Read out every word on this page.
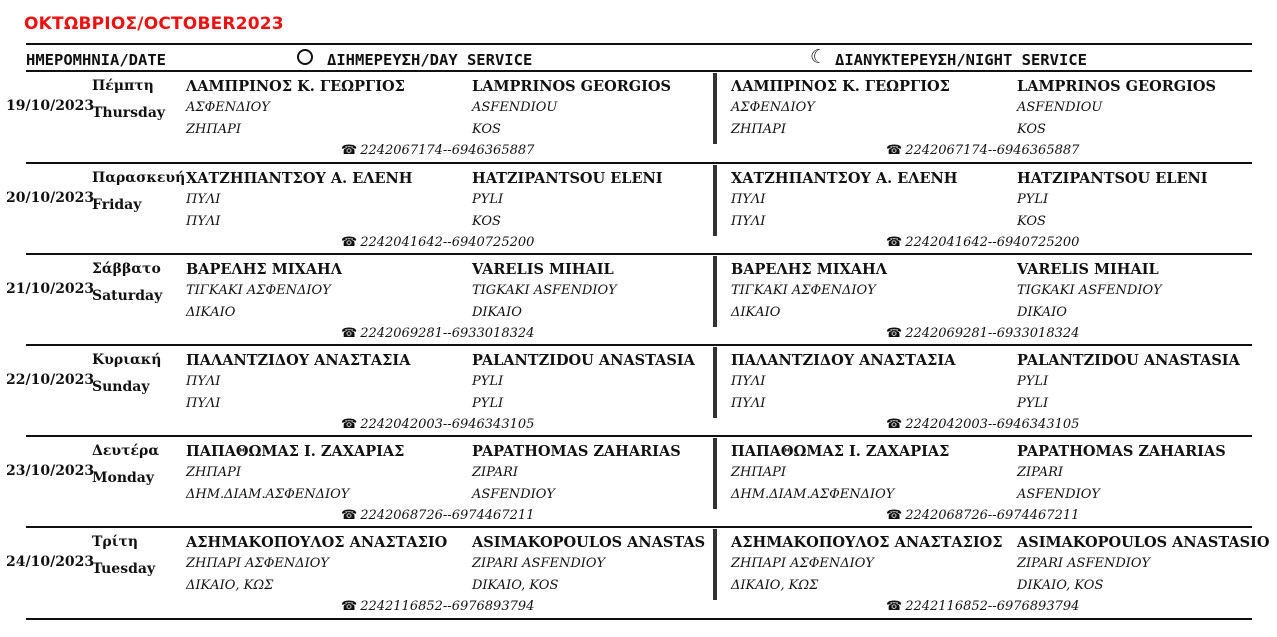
ΟΚΤΩΒΡΙΟΣ/OCTOBER2023
ΗΜΕΡΟΜΗΝΙΑ/DATE	ΔΙΗΜΕΡΕΥΣΗ/DAY SERVICE	☾ ΔΙΑΝΥΚΤΕΡΕΥΣΗ/NIGHT SERVICE
19/10/2023
Πέμπτη
Thursday
ΛΑΜΠΡΙΝΟΣ Κ. ΓΕΩΡΓΙΟΣ
ΑΣΦΕΝΔΙΟΥ
ΖΗΠΑΡΙ
LAMPRINOS GEORGIOS
ASFENDIOU
KOS
☎ 2242067174--6946365887
ΛΑΜΠΡΙΝΟΣ Κ. ΓΕΩΡΓΙΟΣ
ΑΣΦΕΝΔΙΟΥ
ΖΗΠΑΡΙ
LAMPRINOS GEORGIOS
ASFENDIOU
KOS
☎ 2242067174--6946365887
20/10/2023
Παρασκευή
Friday
ΧΑΤΖΗΠΑΝΤΣΟΥ Α. ΕΛΕΝΗ
ΠΥΛΙ
ΠΥΛΙ
HATZIPANTSOU ELENI
PYLI
KOS
☎ 2242041642--6940725200
ΧΑΤΖΗΠΑΝΤΣΟΥ Α. ΕΛΕΝΗ
ΠΥΛΙ
ΠΥΛΙ
HATZIPANTSOU ELENI
PYLI
KOS
☎ 2242041642--6940725200
21/10/2023
Σάββατο
Saturday
ΒΑΡΕΛΗΣ ΜΙΧΑΗΛ
ΤΙΓΚΑΚΙ ΑΣΦΕΝΔΙΟΥ
ΔΙΚΑΙΟ
VARELIS MIHAIL
TIGKAKI ASFENDIOY
DIKAIO
☎ 2242069281--6933018324
ΒΑΡΕΛΗΣ ΜΙΧΑΗΛ
ΤΙΓΚΑΚΙ ΑΣΦΕΝΔΙΟΥ
ΔΙΚΑΙΟ
VARELIS MIHAIL
TIGKAKI ASFENDIOY
DIKAIO
☎ 2242069281--6933018324
22/10/2023
Κυριακή
Sunday
ΠΑΛΑΝΤΖΙΔΟΥ ΑΝΑΣΤΑΣΙΑ
ΠΥΛΙ
ΠΥΛΙ
PALANTZIDOU ANASTASIA
PYLI
PYLI
☎ 2242042003--6946343105
ΠΑΛΑΝΤΖΙΔΟΥ ΑΝΑΣΤΑΣΙΑ
ΠΥΛΙ
ΠΥΛΙ
PALANTZIDOU ANASTASIA
PYLI
PYLI
☎ 2242042003--6946343105
23/10/2023
Δευτέρα
Monday
ΠΑΠΑΘΩΜΑΣ Ι. ΖΑΧΑΡΙΑΣ
ΖΗΠΑΡΙ
ΔΗΜ.ΔΙΑΜ.ΑΣΦΕΝΔΙΟΥ
PAPATHOMAS ZAHARIAS
ZIPARI
ASFENDIOY
☎ 2242068726--6974467211
ΠΑΠΑΘΩΜΑΣ Ι. ΖΑΧΑΡΙΑΣ
ΖΗΠΑΡΙ
ΔΗΜ.ΔΙΑΜ.ΑΣΦΕΝΔΙΟΥ
PAPATHOMAS ZAHARIAS
ZIPARI
ASFENDIOY
☎ 2242068726--6974467211
24/10/2023
Τρίτη
Tuesday
ΑΣΗΜΑΚΟΠΟΥΛΟΣ ΑΝΑΣΤΑΣΙΟ
ΖΗΠΑΡΙ ΑΣΦΕΝΔΙΟΥ
ΔΙΚΑΙΟ, ΚΩΣ
ASIMAKOPOULOS ANASTAS
ZIPARI ASFENDIOY
DIKAIO, KOS
☎ 2242116852--6976893794
ΑΣΗΜΑΚΟΠΟΥΛΟΣ ΑΝΑΣΤΑΣΙΟΣ
ΖΗΠΑΡΙ ΑΣΦΕΝΔΙΟΥ
ΔΙΚΑΙΟ, ΚΩΣ
ASIMAKOPOULOS ANASTASIO
ZIPARI ASFENDIOY
DIKAIO, KOS
☎ 2242116852--6976893794
